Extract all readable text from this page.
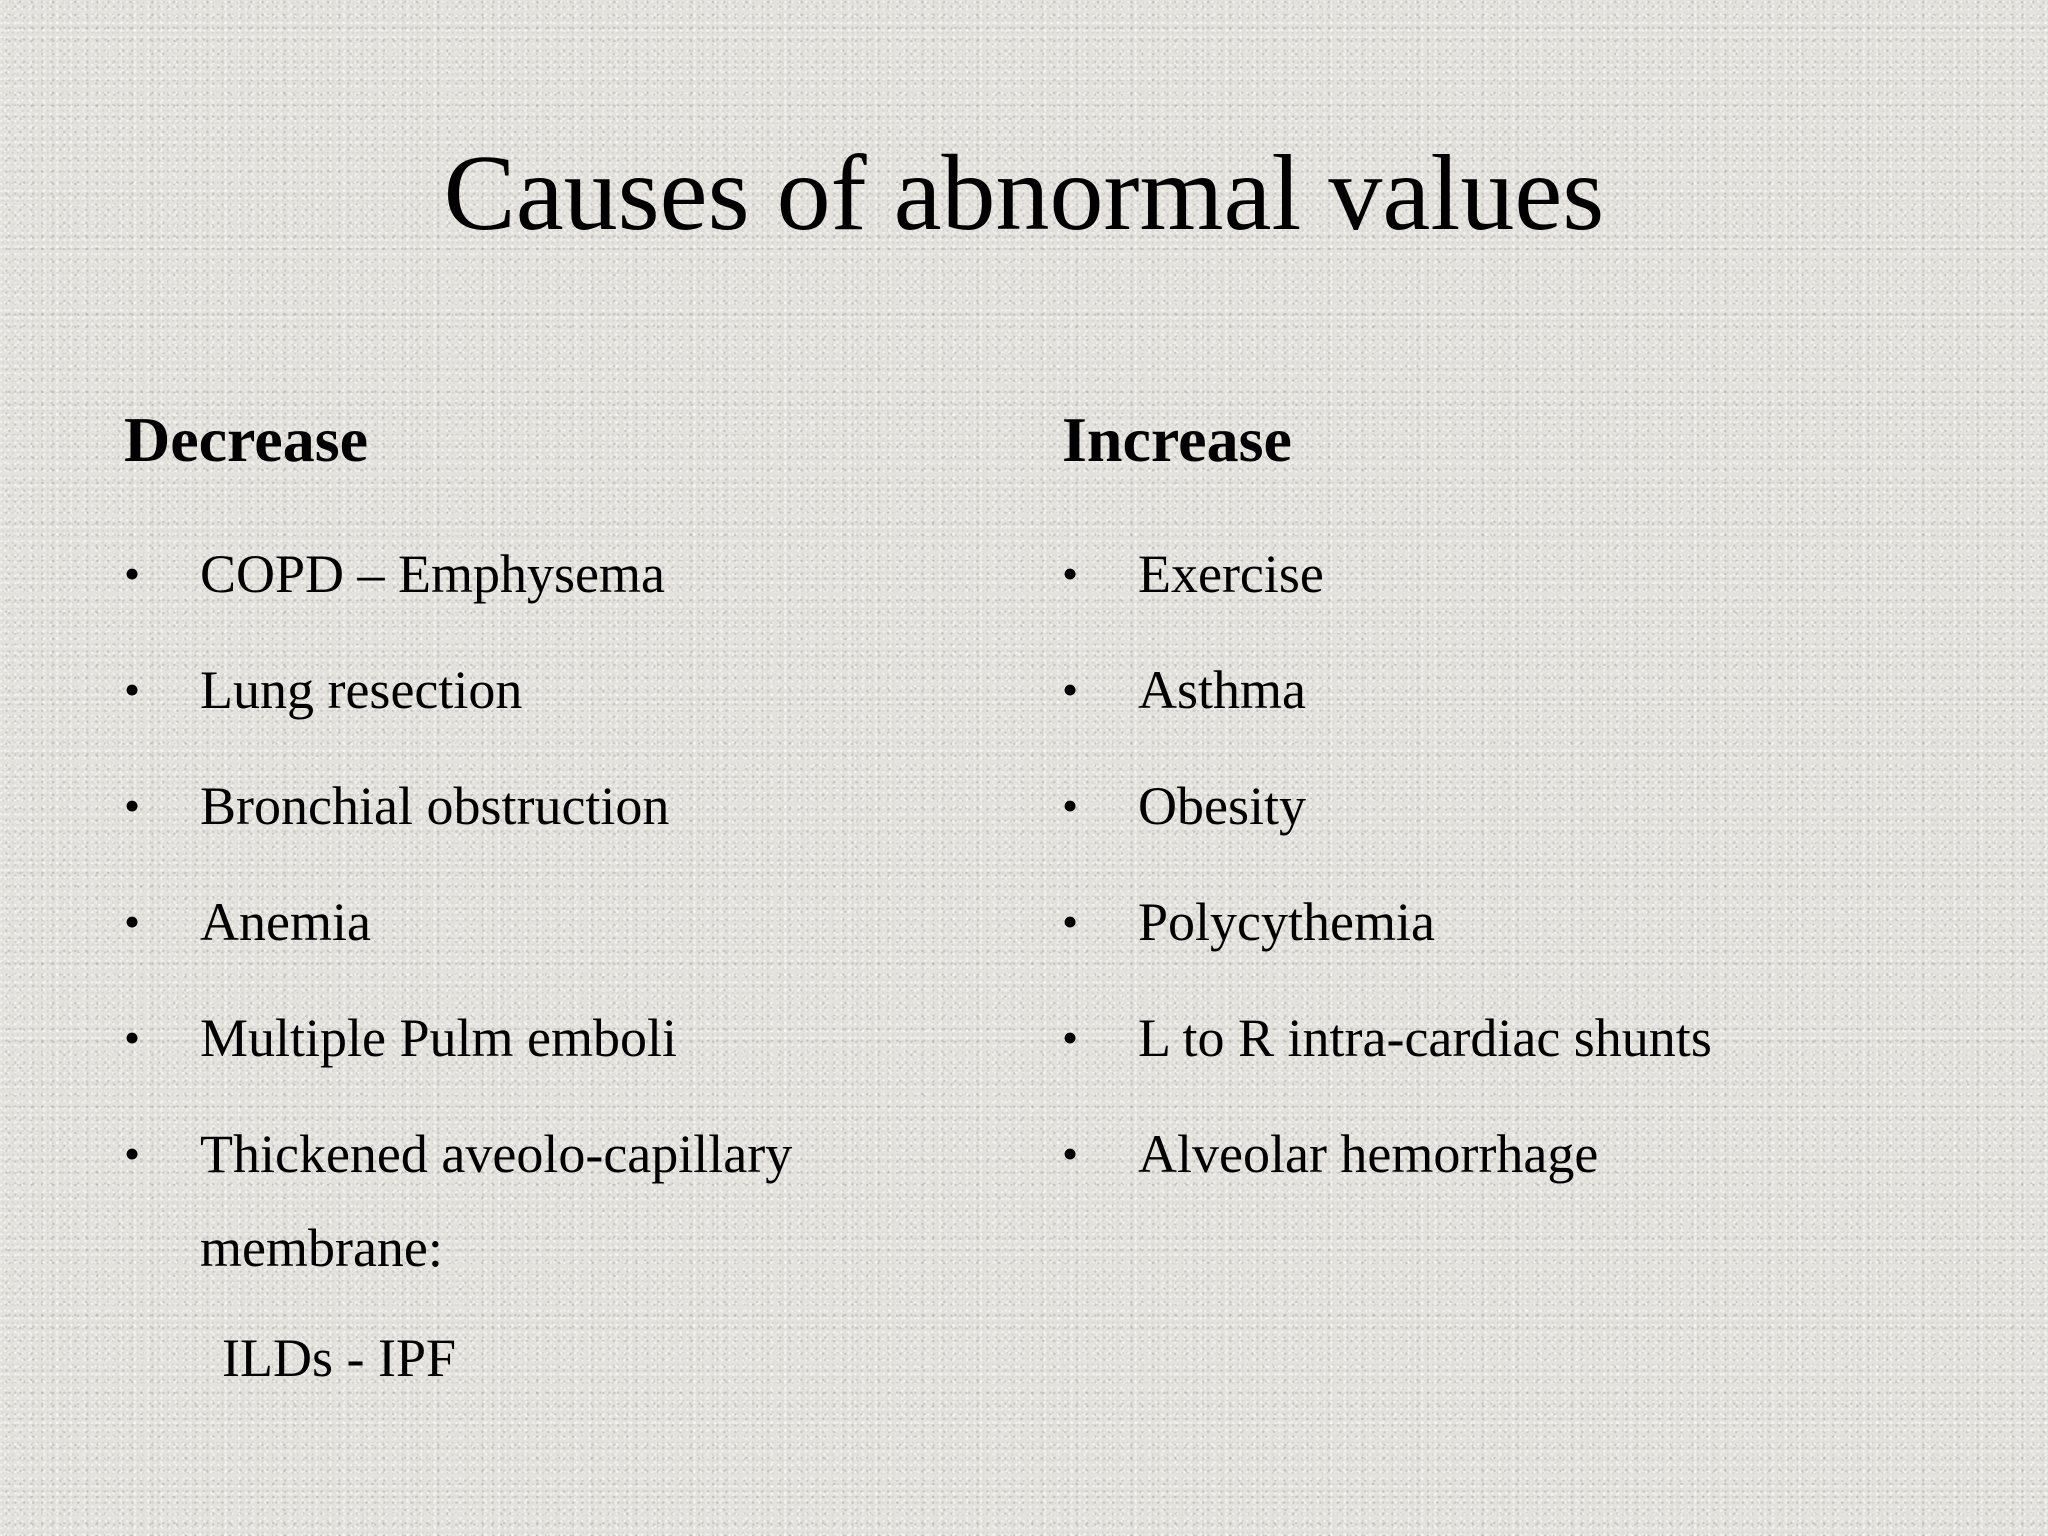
Causes of abnormal values
Decrease
• COPD – Emphysema
• Lung resection
• Bronchial obstruction
• Anemia
• Multiple Pulm emboli
• Thickened aveolo-capillary
membrane:
ILDs - IPF
Increase
• Exercise
• Asthma
• Obesity
• Polycythemia
• L to R intra-cardiac shunts
• Alveolar hemorrhage
